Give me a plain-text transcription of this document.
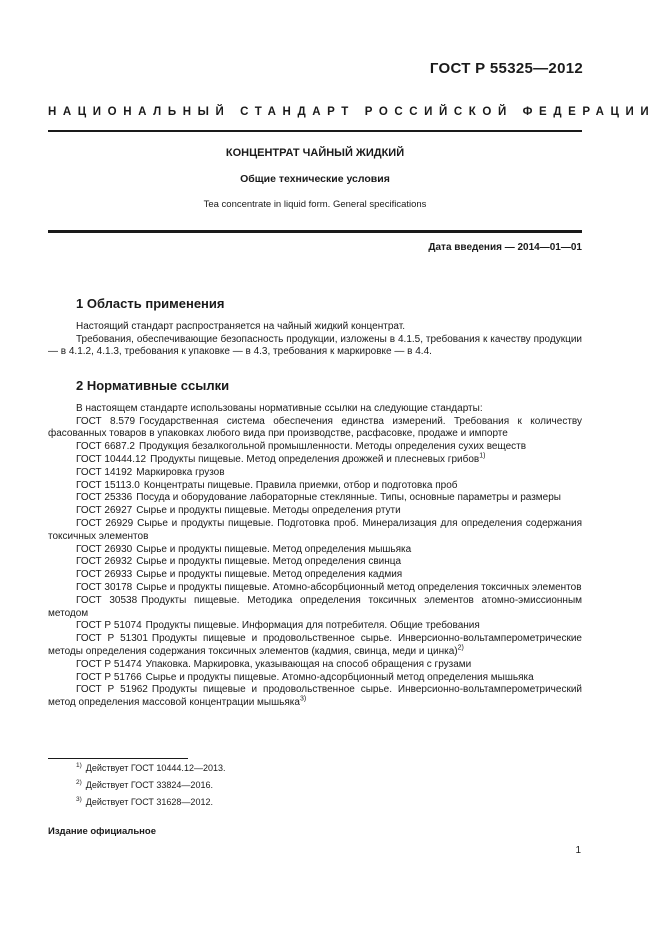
ГОСТ Р 55325—2012
НАЦИОНАЛЬНЫЙ СТАНДАРТ РОССИЙСКОЙ ФЕДЕРАЦИИ
КОНЦЕНТРАТ ЧАЙНЫЙ ЖИДКИЙ
Общие технические условия
Tea concentrate in liquid form. General specifications
Дата введения — 2014—01—01
1 Область применения

Настоящий стандарт распространяется на чайный жидкий концентрат.

Требования, обеспечивающие безопасность продукции, изложены в 4.1.5, требования к качеству продукции — в 4.1.2, 4.1.3, требования к упаковке — в 4.3, требования к маркировке — в 4.4.

2 Нормативные ссылки

В настоящем стандарте использованы нормативные ссылки на следующие стандарты:

ГОСТ 8.579 Государственная система обеспечения единства измерений. Требования к количеству фасованных товаров в упаковках любого вида при производстве, расфасовке, продаже и импорте
ГОСТ 6687.2 Продукция безалкогольной промышленности. Методы определения сухих веществ
ГОСТ 10444.12 Продукты пищевые. Метод определения дрожжей и плесневых грибов$^{1)}$
ГОСТ 14192 Маркировка грузов
ГОСТ 15113.0 Концентраты пищевые. Правила приемки, отбор и подготовка проб
ГОСТ 25336 Посуда и оборудование лабораторные стеклянные. Типы, основные параметры и размеры
ГОСТ 26927 Сырье и продукты пищевые. Методы определения ртути
ГОСТ 26929 Сырье и продукты пищевые. Подготовка проб. Минерализация для определения содержания токсичных элементов
ГОСТ 26930 Сырье и продукты пищевые. Метод определения мышьяка
ГОСТ 26932 Сырье и продукты пищевые. Метод определения свинца
ГОСТ 26933 Сырье и продукты пищевые. Метод определения кадмия
ГОСТ 30178 Сырье и продукты пищевые. Атомно-абсорбционный метод определения токсичных элементов
ГОСТ 30538 Продукты пищевые. Методика определения токсичных элементов атомно-эмиссионным методом
ГОСТ Р 51074 Продукты пищевые. Информация для потребителя. Общие требования
ГОСТ Р 51301 Продукты пищевые и продовольственное сырье. Инверсионно-вольтамперометрические методы определения содержания токсичных элементов (кадмия, свинца, меди и цинка)$^{2)}$
ГОСТ Р 51474 Упаковка. Маркировка, указывающая на способ обращения с грузами
ГОСТ Р 51766 Сырье и продукты пищевые. Атомно-адсорбционный метод определения мышьяка
ГОСТ Р 51962 Продукты пищевые и продовольственное сырье. Инверсионно-вольтамперометрический метод определения массовой концентрации мышьяка$^{3)}$
$^{1)}$ Действует ГОСТ 10444.12—2013.
$^{2)}$ Действует ГОСТ 33824—2016.
$^{3)}$ Действует ГОСТ 31628—2012.
Издание официальное
1
